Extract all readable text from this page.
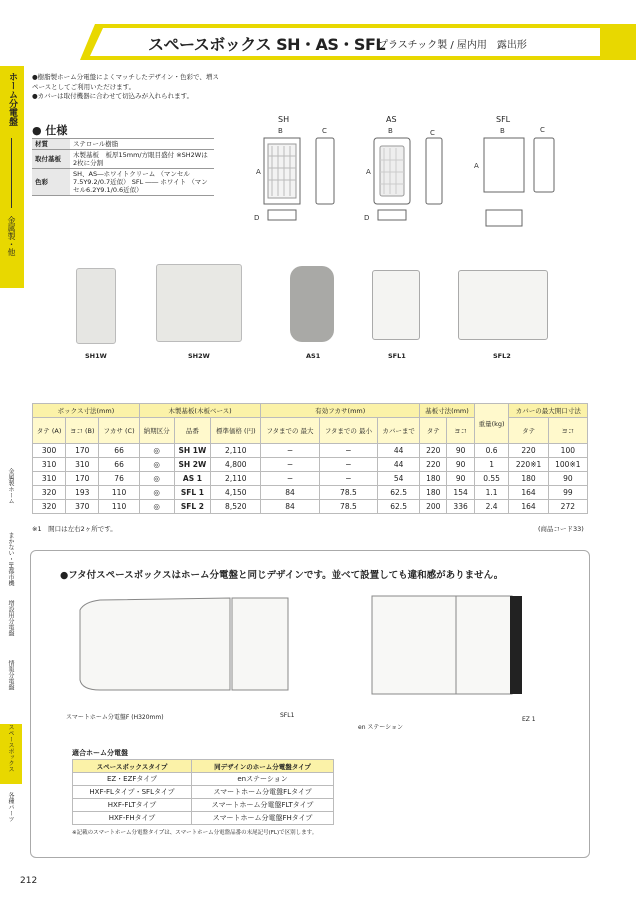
スペースボックス SH・AS・SFL
プラスチック製 / 屋内用　露出形
ホーム分電盤
金属製・他
金属製ホーム
まかない・IH都市機
増設用分電盤
情報分電盤
スペースボックス
各種パーツ
●樹脂製ホーム分電盤によくマッチしたデザイン・色彩で、増スペースとしてご利用いただけます。
●カバーは取付機器に合わせて切込みが入れられます。
● 仕様
材質	ステロール樹脂
取付基板	木製基板　板厚15mm/方眼目盛付 ※SH2Wは2枚に分割
色彩	SH、AS―ホワイトクリーム （マンセル7.5Y9.2/0.7近似） SFL ―― ホワイト （マンセル6.2Y9.1/0.6近似）
SH	AS	SFL
B	C
A
D
B	C
A
D
B	C
A
SH1W	SH2W	AS1	SFL1	SFL2
ボックス寸法(mm)			木製基板(木板ベース)			有効フカサ(mm)			基板寸法(mm)		重量(kg)	カバーの最大開口寸法	
タテ (A)	ヨコ (B)	フカサ (C)	納期区分	品番	標準価格 (円)	フタまでの 最大	フタまでの 最小	カバーまで	タテ	ヨコ		タテ	ヨコ
300	170	66	◎	SH 1W	2,110	−	−	44	220	90	0.6	220	100
310	310	66	◎	SH 2W	4,800	−	−	44	220	90	1	220※1	100※1
310	170	76	◎	AS 1	2,110	−	−	54	180	90	0.55	180	90
320	193	110	◎	SFL 1	4,150	84	78.5	62.5	180	154	1.1	164	99
320	370	110	◎	SFL 2	8,520	84	78.5	62.5	200	336	2.4	164	272
※1　開口は左右2ヶ所です。	(商品コード33)
●フタ付スペースボックスはホーム分電盤と同じデザインです。並べて設置しても違和感がありません。
スマートホーム分電盤F (H320mm)	SFL1
en ステーション
EZ 1
適合ホーム分電盤
スペースボックスタイプ	同デザインのホーム分電盤タイプ
EZ・EZFタイプ	enステーション
HXF-FLタイプ・SFLタイプ	スマートホーム分電盤FLタイプ
HXF-FLTタイプ	スマートホーム分電盤FLTタイプ
HXF-FHタイプ	スマートホーム分電盤FHタイプ
※記載のスマートホーム分電盤タイプは、スマートホーム分電盤品番の末尾記号(FL)で区別します。
212
